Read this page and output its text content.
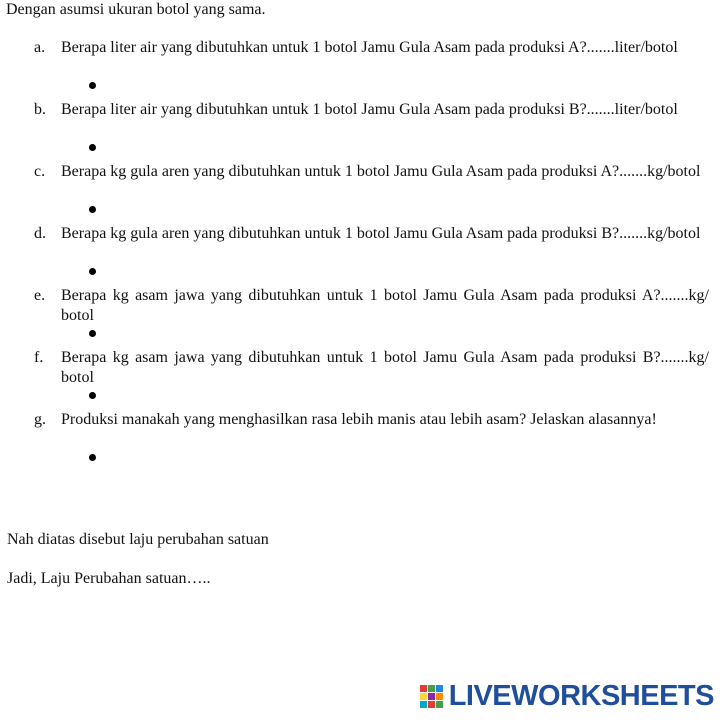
Dengan asumsi ukuran botol yang sama.

a. Berapa liter air yang dibutuhkan untuk 1 botol Jamu Gula Asam pada produksi A?.......liter/botol

b. Berapa liter air yang dibutuhkan untuk 1 botol Jamu Gula Asam pada produksi B?.......liter/botol

c. Berapa kg gula aren yang dibutuhkan untuk 1 botol Jamu Gula Asam pada produksi A?.......kg/botol

d. Berapa kg gula aren yang dibutuhkan untuk 1 botol Jamu Gula Asam pada produksi B?.......kg/botol

e. Berapa kg asam jawa yang dibutuhkan untuk 1 botol Jamu Gula Asam pada produksi A?.......kg/ botol

f. Berapa kg asam jawa yang dibutuhkan untuk 1 botol Jamu Gula Asam pada produksi B?.......kg/ botol

g. Produksi manakah yang menghasilkan rasa lebih manis atau lebih asam? Jelaskan alasannya!

Nah diatas disebut laju perubahan satuan

Jadi, Laju Perubahan satuan…..

LIVEWORKSHEETS
